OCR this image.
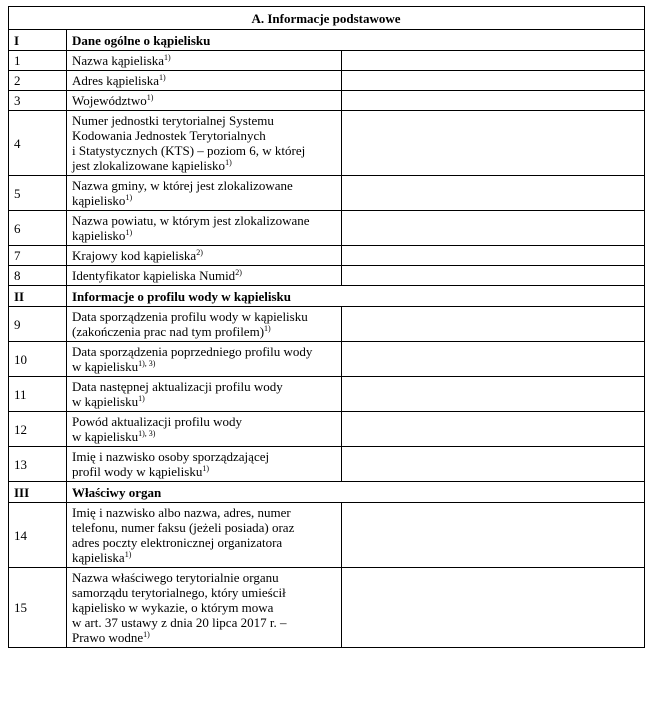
A. Informacje podstawowe		
I	Dane ogólne o kąpielisku	
1	Nazwa kąpieliska$^{1)}$	
2	Adres kąpieliska$^{1)}$	
3	Województwo$^{1)}$	
4	Numer jednostki terytorialnej Systemu
Kodowania Jednostek Terytorialnych
i Statystycznych (KTS) – poziom 6, w której
jest zlokalizowane kąpielisko$^{1)}$	
5	Nazwa gminy, w której jest zlokalizowane
kąpielisko$^{1)}$	
6	Nazwa powiatu, w którym jest zlokalizowane
kąpielisko$^{1)}$	
7	Krajowy kod kąpieliska$^{2)}$	
8	Identyfikator kąpieliska Numid$^{2)}$	
II	Informacje o profilu wody w kąpielisku	
9	Data sporządzenia profilu wody w kąpielisku
(zakończenia prac nad tym profilem)$^{1)}$	
10	Data sporządzenia poprzedniego profilu wody
w kąpielisku$^{1), 3)}$	
11	Data następnej aktualizacji profilu wody
w kąpielisku$^{1)}$	
12	Powód aktualizacji profilu wody
w kąpielisku$^{1), 3)}$	
13	Imię i nazwisko osoby sporządzającej
profil wody w kąpielisku$^{1)}$	
III	Właściwy organ	
14	Imię i nazwisko albo nazwa, adres, numer
telefonu, numer faksu (jeżeli posiada) oraz
adres poczty elektronicznej organizatora
kąpieliska$^{1)}$	
15	Nazwa właściwego terytorialnie organu
samorządu terytorialnego, który umieścił
kąpielisko w wykazie, o którym mowa
w art. 37 ustawy z dnia 20 lipca 2017 r. –
Prawo wodne$^{1)}$	
